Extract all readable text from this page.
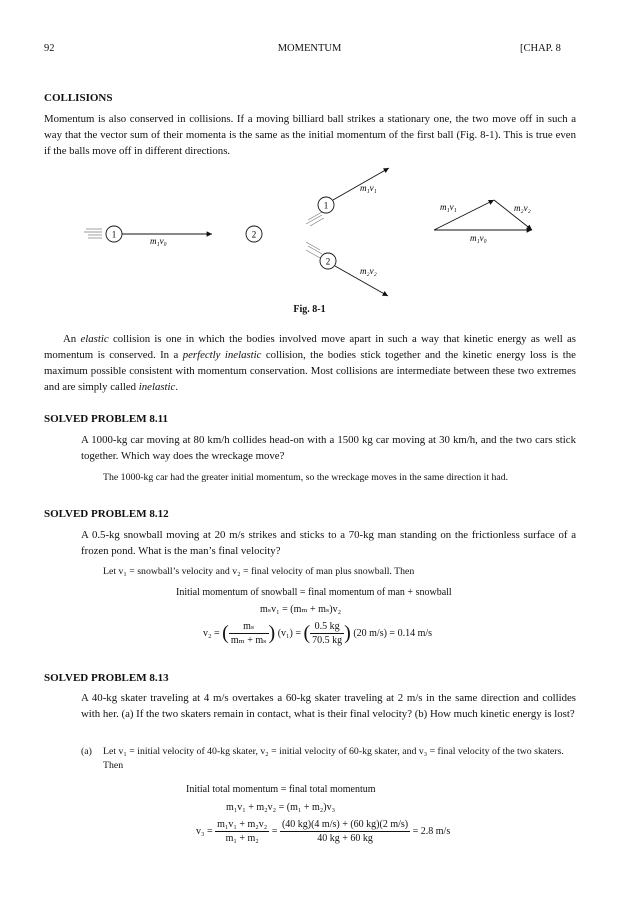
92	MOMENTUM	[CHAP. 8
COLLISIONS
Momentum is also conserved in collisions. If a moving billiard ball strikes a stationary one, the two move off in such a way that the vector sum of their momenta is the same as the initial momentum of the first ball (Fig. 8-1). This is true even if the balls move off in different directions.
1
m₁v₀
2
1
m₁v₁
2
m₂v₂
m₁v₁	m₂v₂
m₁v₀
Fig. 8-1
An elastic collision is one in which the bodies involved move apart in such a way that kinetic energy as well as momentum is conserved. In a perfectly inelastic collision, the bodies stick together and the kinetic energy loss is the maximum possible consistent with momentum conservation. Most collisions are intermediate between these two extremes and are simply called inelastic.
SOLVED PROBLEM 8.11
A 1000-kg car moving at 80 km/h collides head-on with a 1500 kg car moving at 30 km/h, and the two cars stick together. Which way does the wreckage move?
The 1000-kg car had the greater initial momentum, so the wreckage moves in the same direction it had.
SOLVED PROBLEM 8.12
A 0.5-kg snowball moving at 20 m/s strikes and sticks to a 70-kg man standing on the frictionless surface of a frozen pond. What is the man’s final velocity?
Let v₁ = snowball’s velocity and v₂ = final velocity of man plus snowball. Then
Initial momentum of snowball = final momentum of man + snowball
mₛv₁ = (mₘ + mₛ)v₂
v₂ = ( $\frac{\text{mₛ}}{\text{mₘ + mₛ}}$ ) (v₁) = ( $\frac{0.5 kg}{70.5 kg}$ ) (20 m/s) = 0.14 m/s
SOLVED PROBLEM 8.13
A 40-kg skater traveling at 4 m/s overtakes a 60-kg skater traveling at 2 m/s in the same direction and collides with her. (a) If the two skaters remain in contact, what is their final velocity? (b) How much kinetic energy is lost?
(a)	Let v₁ = initial velocity of 40-kg skater, v₂ = initial velocity of 60-kg skater, and v₃ = final velocity of the two skaters. Then
Initial total momentum = final total momentum
m₁v₁ + m₂v₂ = (m₁ + m₂)v₃
$v_3 = \frac{\text{m₁v₁ + m₂v₂}}{\text{m₁ + m₂}} = \frac{(40 kg)(4 m/s) + (60 kg)(2 m/s)}{40 kg + 60 kg} = 2.8$ m/s
